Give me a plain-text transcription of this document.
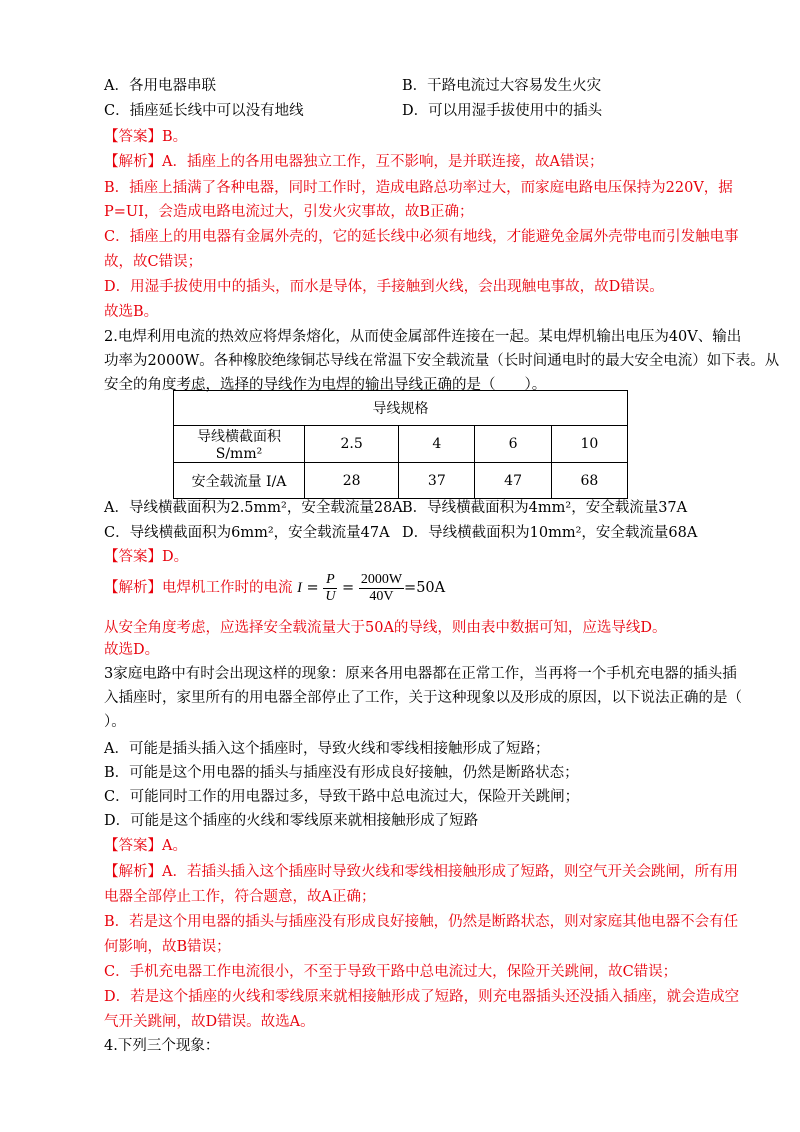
A．各用电器串联	B．干路电流过大容易发生火灾
C．插座延长线中可以没有地线	D．可以用湿手拔使用中的插头
【答案】B。
【解析】A．插座上的各用电器独立工作，互不影响，是并联连接，故A错误；
B．插座上插满了各种电器，同时工作时，造成电路总功率过大，而家庭电路电压保持为220V，据
P=UI，会造成电路电流过大，引发火灾事故，故B正确；
C．插座上的用电器有金属外壳的，它的延长线中必须有地线，才能避免金属外壳带电而引发触电事
故，故C错误；
D．用湿手拔使用中的插头，而水是导体，手接触到火线，会出现触电事故，故D错误。
故选B。
2.电焊利用电流的热效应将焊条熔化，从而使金属部件连接在一起。某电焊机输出电压为40V、输出
功率为2000W。各种橡胶绝缘铜芯导线在常温下安全载流量（长时间通电时的最大安全电流）如下表。从
安全的角度考虑，选择的导线作为电焊的输出导线正确的是（　　）。
导线规格				
导线横截面积 S/mm²	2.5	4	6	10
安全载流量 I/A	28	37	47	68
A．导线横截面积为2.5mm²，安全载流量28A B．导线横截面积为4mm²，安全载流量37A
C．导线横截面积为6mm²，安全载流量47A D．导线横截面积为10mm²，安全载流量68A
【答案】D。
【解析】电焊机工作时的电流 $I = \frac{P}{U} = \frac{2000W}{40V} =50A$
从安全角度考虑，应选择安全载流量大于50A的导线，则由表中数据可知，应选导线D。
故选D。
3家庭电路中有时会出现这样的现象：原来各用电器都在正常工作，当再将一个手机充电器的插头插
入插座时，家里所有的用电器全部停止了工作，关于这种现象以及形成的原因，以下说法正确的是（
）。
A．可能是插头插入这个插座时，导致火线和零线相接触形成了短路；
B．可能是这个用电器的插头与插座没有形成良好接触，仍然是断路状态；
C．可能同时工作的用电器过多，导致干路中总电流过大，保险开关跳闸；
D．可能是这个插座的火线和零线原来就相接触形成了短路
【答案】A。
【解析】A．若插头插入这个插座时导致火线和零线相接触形成了短路，则空气开关会跳闸，所有用
电器全部停止工作，符合题意，故A正确；
B．若是这个用电器的插头与插座没有形成良好接触，仍然是断路状态，则对家庭其他电器不会有任
何影响，故B错误；
C．手机充电器工作电流很小，不至于导致干路中总电流过大，保险开关跳闸，故C错误；
D．若是这个插座的火线和零线原来就相接触形成了短路，则充电器插头还没插入插座，就会造成空
气开关跳闸，故D错误。故选A。
4.下列三个现象：
